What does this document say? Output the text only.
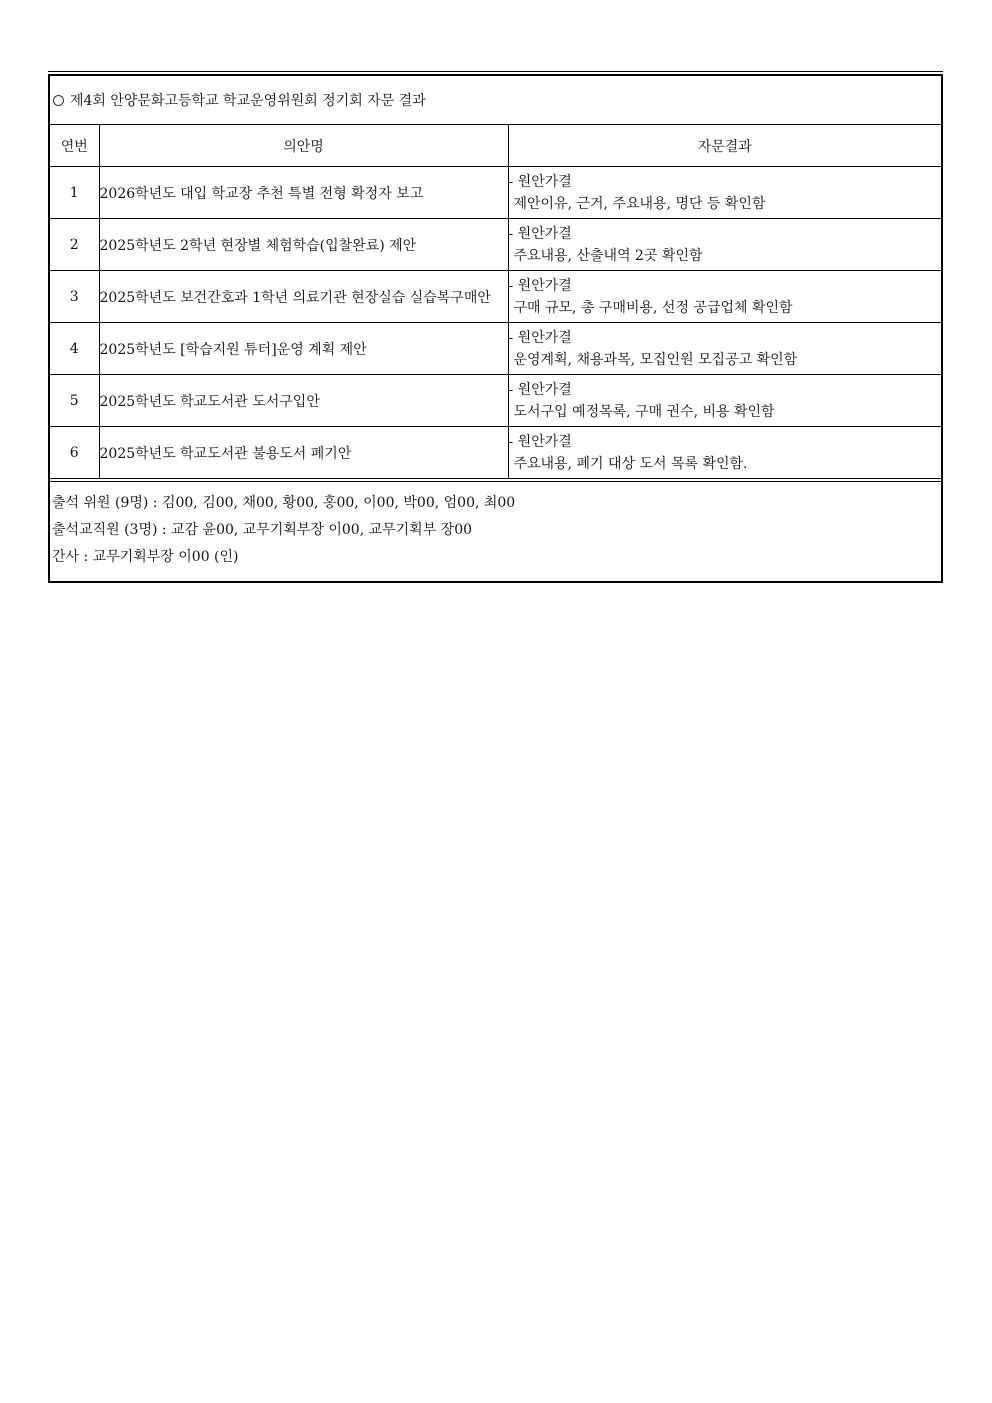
제4회 안양문화고등학교 학교운영위원회 정기회 자문 결과
연번	의안명	자문결과
1	2026학년도 대입 학교장 추천 특별 전형 확정자 보고	- 원안가결
제안이유, 근거, 주요내용, 명단 등 확인함

2	2025학년도 2학년 현장별 체험학습(입찰완료) 제안	- 원안가결
주요내용, 산출내역 2곳 확인함

3	2025학년도 보건간호과 1학년 의료기관 현장실습 실습복구매안	- 원안가결
구매 규모, 총 구매비용, 선정 공급업체 확인함

4	2025학년도 [학습지원 튜터]운영 계획 제안	- 원안가결
운영계획, 채용과목, 모집인원 모집공고 확인함

5	2025학년도 학교도서관 도서구입안	- 원안가결
도서구입 예정목록, 구매 권수, 비용 확인함

6	2025학년도 학교도서관 불용도서 폐기안	- 원안가결
주요내용, 폐기 대상 도서 목록 확인함.
출석 위원 (9명) : 김00, 김00, 채00, 황00, 홍00, 이00, 박00, 엄00, 최00
출석교직원 (3명) : 교감 윤00, 교무기획부장 이00, 교무기획부 장00
간사 : 교무기획부장 이00 (인)
